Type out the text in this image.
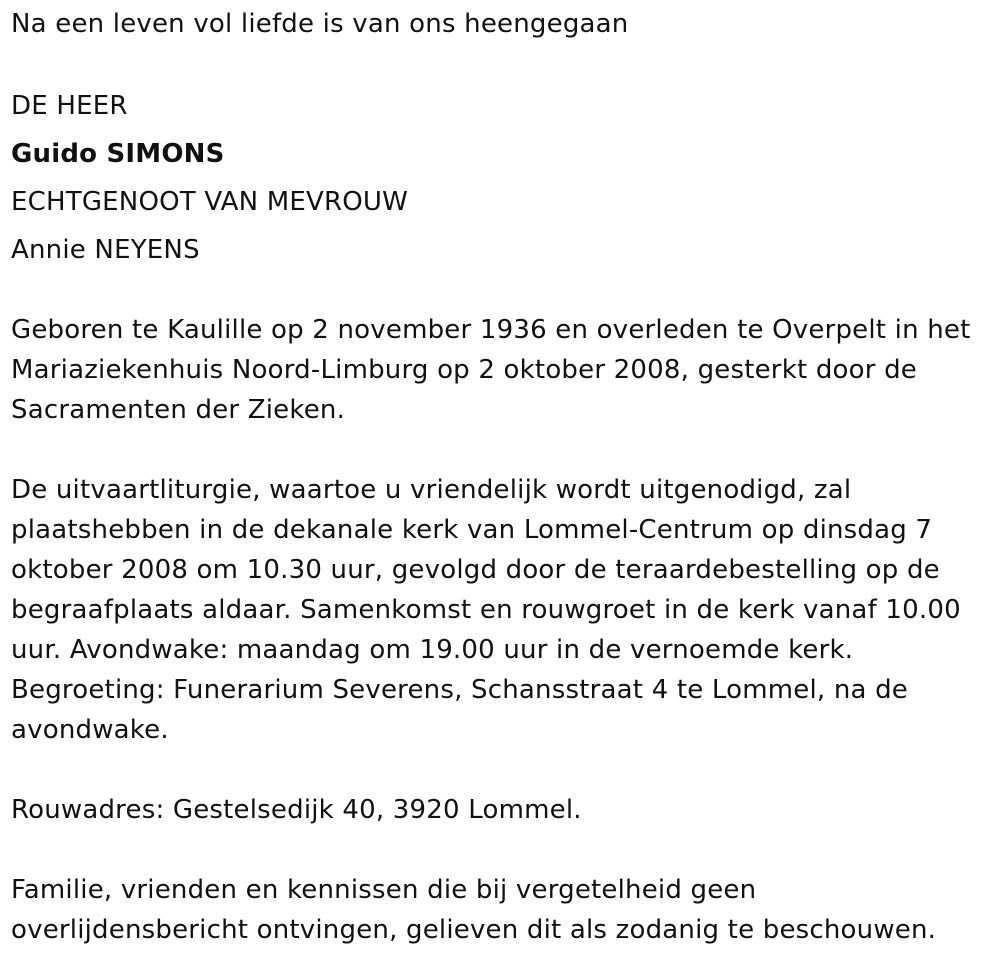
Na een leven vol liefde is van ons heengegaan
DE HEER
Guido SIMONS
ECHTGENOOT VAN MEVROUW
Annie NEYENS
Geboren te Kaulille op 2 november 1936 en overleden te Overpelt in het
Mariaziekenhuis Noord-Limburg op 2 oktober 2008, gesterkt door de
Sacramenten der Zieken.
De uitvaartliturgie, waartoe u vriendelijk wordt uitgenodigd, zal
plaatshebben in de dekanale kerk van Lommel-Centrum op dinsdag 7
oktober 2008 om 10.30 uur, gevolgd door de teraardebestelling op de
begraafplaats aldaar. Samenkomst en rouwgroet in de kerk vanaf 10.00
uur. Avondwake: maandag om 19.00 uur in de vernoemde kerk.
Begroeting: Funerarium Severens, Schansstraat 4 te Lommel, na de
avondwake.
Rouwadres: Gestelsedijk 40, 3920 Lommel.
Familie, vrienden en kennissen die bij vergetelheid geen
overlijdensbericht ontvingen, gelieven dit als zodanig te beschouwen.
